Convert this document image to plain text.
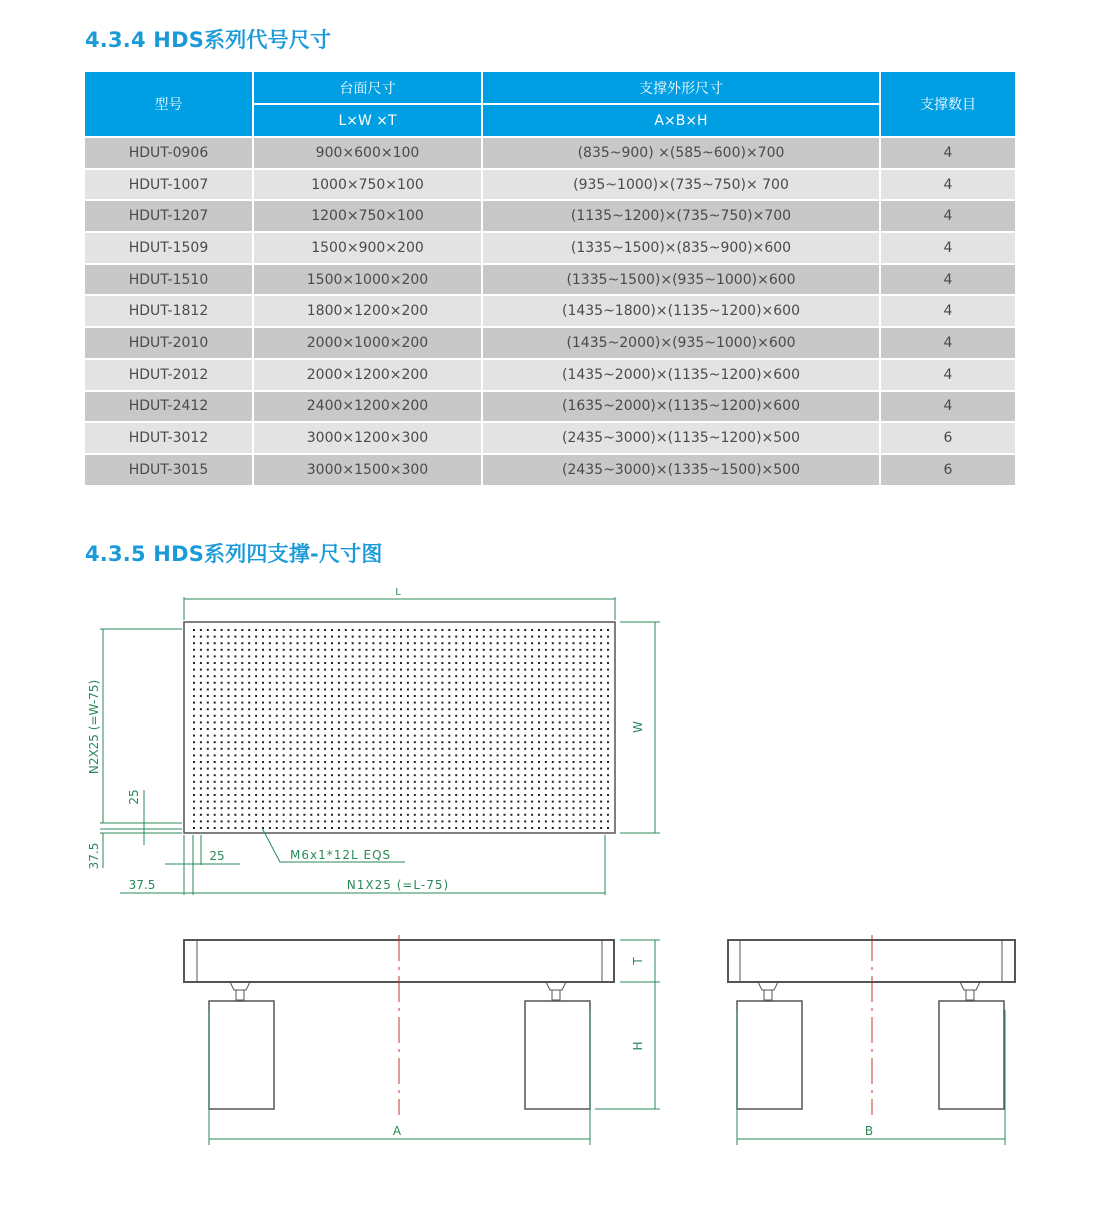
4.3.4 HDS系列代号尺寸
型号	台面尺寸	支撑外形尺寸	支撑数目
	L×W ×T	A×B×H	
HDUT-0906	900×600×100	(835~900) ×(585~600)×700	4
HDUT-1007	1000×750×100	(935~1000)×(735~750)× 700	4
HDUT-1207	1200×750×100	(1135~1200)×(735~750)×700	4
HDUT-1509	1500×900×200	(1335~1500)×(835~900)×600	4
HDUT-1510	1500×1000×200	(1335~1500)×(935~1000)×600	4
HDUT-1812	1800×1200×200	(1435~1800)×(1135~1200)×600	4
HDUT-2010	2000×1000×200	(1435~2000)×(935~1000)×600	4
HDUT-2012	2000×1200×200	(1435~2000)×(1135~1200)×600	4
HDUT-2412	2400×1200×200	(1635~2000)×(1135~1200)×600	4
HDUT-3012	3000×1200×300	(2435~3000)×(1135~1200)×500	6
HDUT-3015	3000×1500×300	(2435~3000)×(1335~1500)×500	6
4.3.5 HDS系列四支撑-尺寸图
L
W
N2X25 (=W-75)
25
37.5	25
37.5	N1X25 (=L-75)
M6x1*12L EQS
T
H
A	B
